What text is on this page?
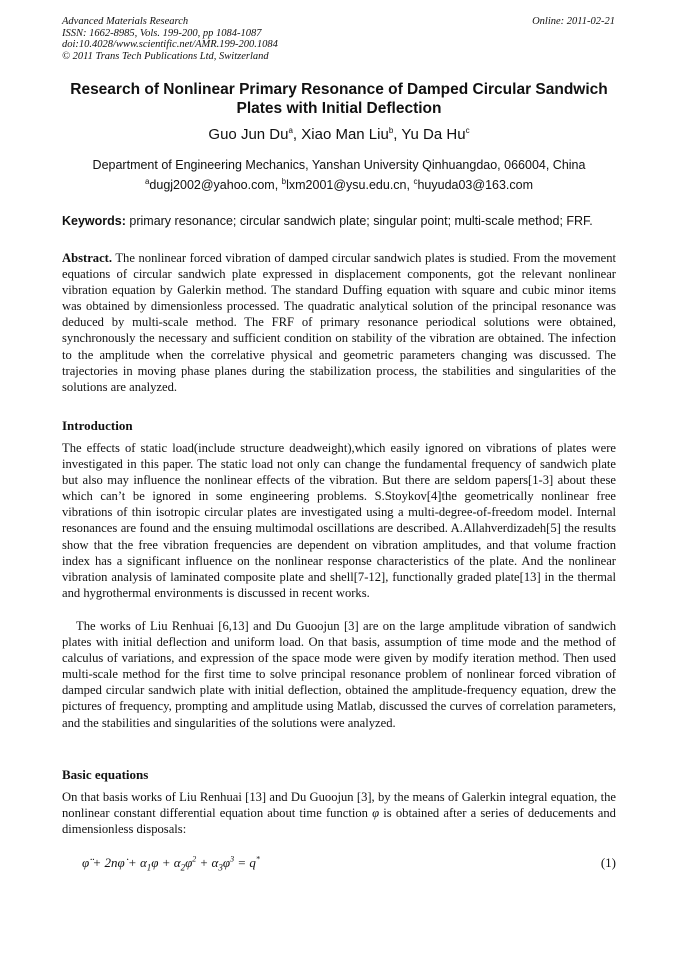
Advanced Materials Research
ISSN: 1662-8985, Vols. 199-200, pp 1084-1087
doi:10.4028/www.scientific.net/AMR.199-200.1084
© 2011 Trans Tech Publications Ltd, Switzerland
Online: 2011-02-21
Research of Nonlinear Primary Resonance of Damped Circular Sandwich Plates with Initial Deflection
Guo Jun Du$^a$, Xiao Man Liu$^b$, Yu Da Hu$^c$
Department of Engineering Mechanics, Yanshan University Qinhuangdao, 066004, China
$^a$dugj2002@yahoo.com, $^b$lxm2001@ysu.edu.cn, $^c$huyuda03@163.com
Keywords: primary resonance; circular sandwich plate; singular point; multi-scale method; FRF.
Abstract. The nonlinear forced vibration of damped circular sandwich plates is studied. From the movement equations of circular sandwich plate expressed in displacement components, got the relevant nonlinear vibration equation by Galerkin method. The standard Duffing equation with square and cubic minor items was obtained by dimensionless processed. The quadratic analytical solution of the principal resonance was deduced by multi-scale method. The FRF of primary resonance periodical solutions were obtained, synchronously the necessary and sufficient condition on stability of the vibration are obtained. The infection to the amplitude when the correlative physical and geometric parameters changing was discussed. The trajectories in moving phase planes during the stabilization process, the stabilities and singularities of the solutions are analyzed.
Introduction
The effects of static load(include structure deadweight),which easily ignored on vibrations of plates were investigated in this paper. The static load not only can change the fundamental frequency of sandwich plate but also may influence the nonlinear effects of the vibration. But there are seldom papers[1-3] about these which can’t be ignored in some engineering problems. S.Stoykov[4]the geometrically nonlinear free vibrations of thin isotropic circular plates are investigated using a multi-degree-of-freedom model. Internal resonances are found and the ensuing multimodal oscillations are described. A.Allahverdizadeh[5] the results show that the free vibration frequencies are dependent on vibration amplitudes, and that volume fraction index has a significant influence on the nonlinear response characteristics of the plate. And the nonlinear vibration analysis of laminated composite plate and shell[7-12], functionally graded plate[13] in the thermal and hygrothermal environments is discussed in recent works.
The works of Liu Renhuai [6,13] and Du Guoojun [3] are on the large amplitude vibration of sandwich plates with initial deflection and uniform load. On that basis, assumption of time mode and the method of calculus of variations, and expression of the space mode were given by modify iteration method. Then used multi-scale method for the first time to solve principal resonance problem of nonlinear forced vibration of damped circular sandwich plate with initial deflection, obtained the amplitude-frequency equation, drew the pictures of frequency, prompting and amplitude using Matlab, discussed the curves of correlation parameters, and the stabilities and singularities of the solutions were analyzed.
Basic equations
On that basis works of Liu Renhuai [13] and Du Guoojun [3], by the means of Galerkin integral equation, the nonlinear constant differential equation about time function φ is obtained after a series of deducements and dimensionless disposals:
φ̈ + 2nφ̇ + $\alpha_1\varphi + \alpha_2\varphi^2 + \alpha_3\varphi^3 = q^*$	(1)
